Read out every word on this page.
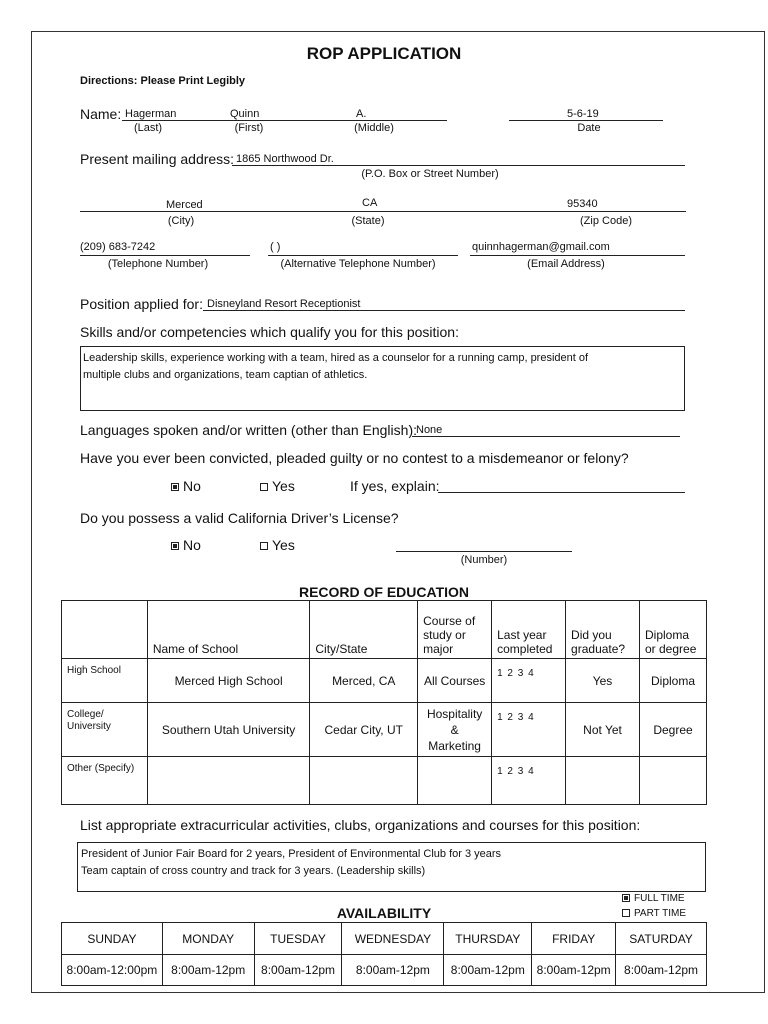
ROP APPLICATION
Directions: Please Print Legibly
Name: Hagerman	Quinn	A.	5-6-19
(Last)	(First)	(Middle)	Date
Present mailing address: 1865 Northwood Dr.
(P.O. Box or Street Number)
Merced	CA	95340
(City)	(State)	(Zip Code)
(209) 683-7242	( )	quinnhagerman@gmail.com
(Telephone Number)	(Alternative Telephone Number)	(Email Address)
Position applied for: Disneyland Resort Receptionist
Skills and/or competencies which qualify you for this position:
Leadership skills, experience working with a team, hired as a counselor for a running camp, president of
multiple clubs and organizations, team captian of athletics.
Languages spoken and/or written (other than English): None
Have you ever been convicted, pleaded guilty or no contest to a misdemeanor or felony?
No	Yes	If yes, explain:
Do you possess a valid California Driver’s License?
No	Yes
(Number)
RECORD OF EDUCATION
	Name of School	City/State	Course of study or major	Last year completed	Did you graduate?	Diploma or degree
High School	Merced High School	Merced, CA	All Courses	1 2 3 4	Yes	Diploma
College/ University	Southern Utah University	Cedar City, UT	Hospitality & Marketing	1 2 3 4	Not Yet	Degree
Other (Specify)				1 2 3 4		
List appropriate extracurricular activities, clubs, organizations and courses for this position:
President of Junior Fair Board for 2 years, President of Environmental Club for 3 years
Team captain of cross country and track for 3 years. (Leadership skills)
FULL TIME
PART TIME
AVAILABILITY
SUNDAY	MONDAY	TUESDAY	WEDNESDAY	THURSDAY	FRIDAY	SATURDAY
8:00am-12:00pm	8:00am-12pm	8:00am-12pm	8:00am-12pm	8:00am-12pm	8:00am-12pm	8:00am-12pm
